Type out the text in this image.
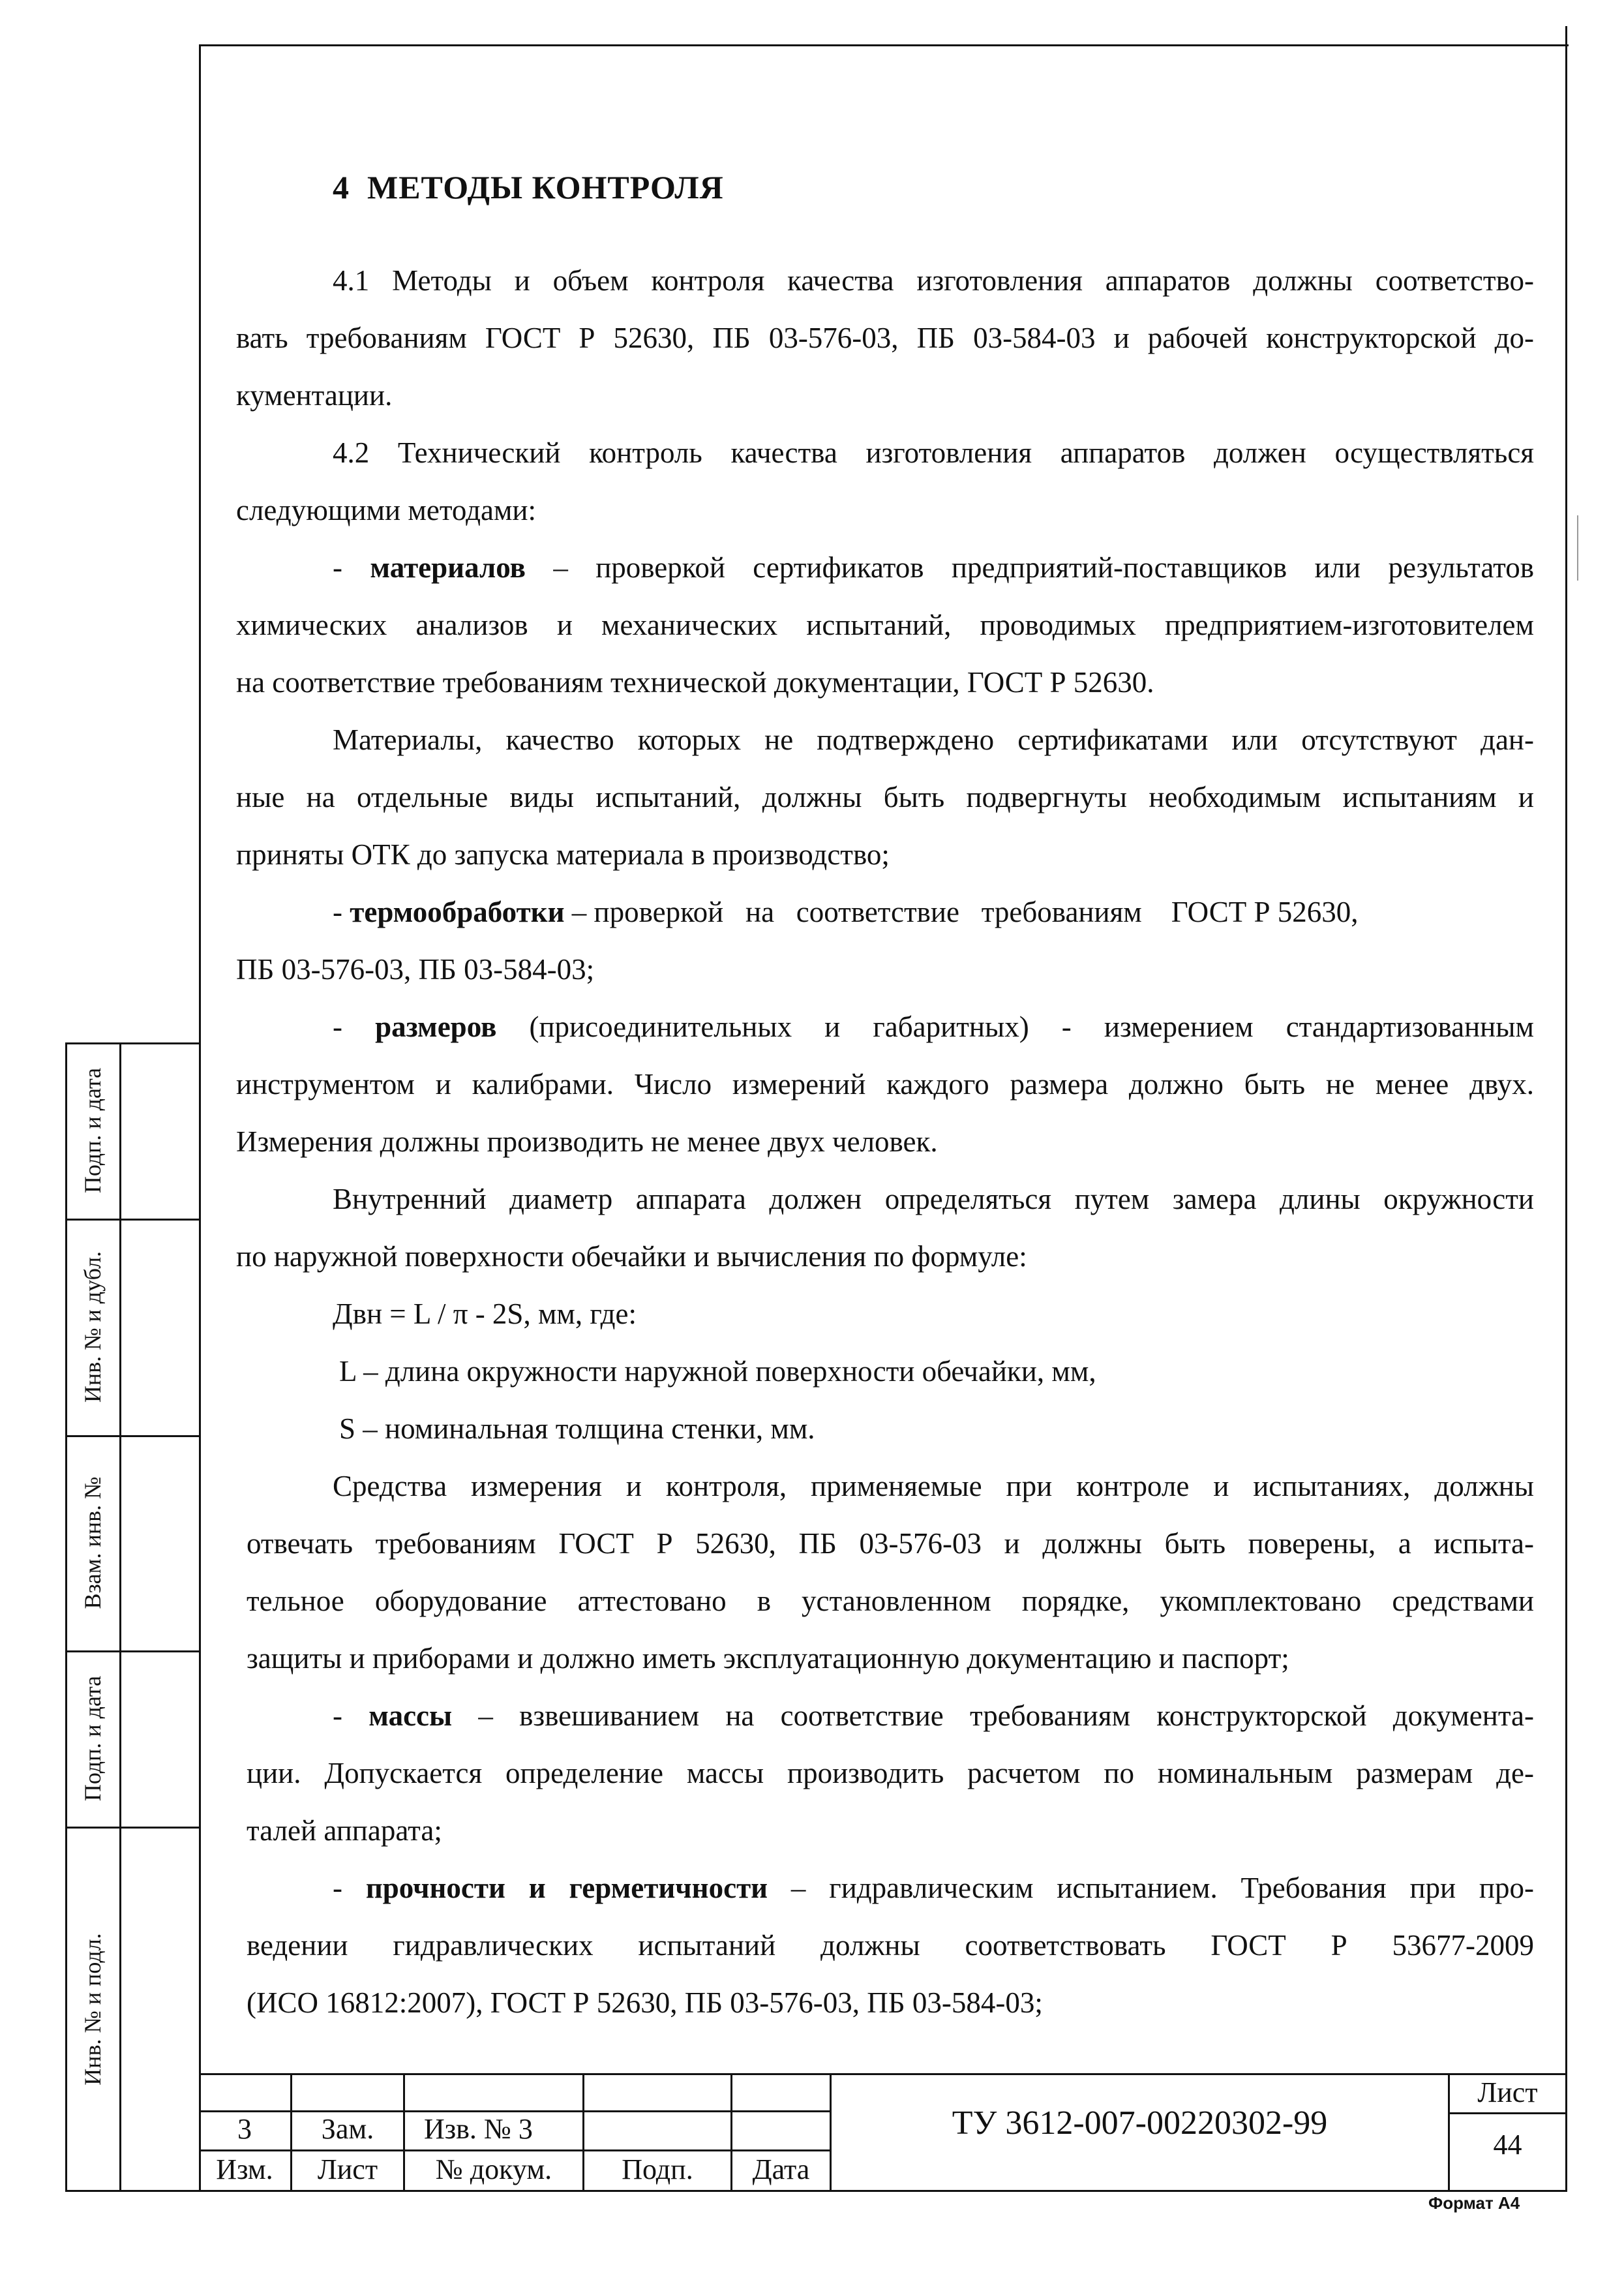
Подп. и дата
Инв. № и дубл.
Взам. инв. №
Подп. и дата
Инв. № и подл.
4 МЕТОДЫ КОНТРОЛЯ
4.1 Методы и объем контроля качества изготовления аппаратов должны соответство-
вать требованиям ГОСТ Р 52630, ПБ 03-576-03, ПБ 03-584-03 и рабочей конструкторской до-
кументации.
4.2 Технический контроль качества изготовления аппаратов должен осуществляться
следующими методами:
- материалов – проверкой сертификатов предприятий-поставщиков или результатов
химических анализов и механических испытаний, проводимых предприятием-изготовителем
на соответствие требованиям технической документации, ГОСТ Р 52630.
Материалы, качество которых не подтверждено сертификатами или отсутствуют дан-
ные на отдельные виды испытаний, должны быть подвергнуты необходимым испытаниям и
приняты ОТК до запуска материала в производство;
- термообработки – проверкой   на   соответствие   требованиям    ГОСТ Р 52630,
ПБ 03-576-03, ПБ 03-584-03;
- размеров (присоединительных и габаритных) - измерением стандартизованным
инструментом и калибрами. Число измерений каждого размера должно быть не менее двух.
Измерения должны производить не менее двух человек.
Внутренний диаметр аппарата должен определяться путем замера длины окружности
по наружной поверхности обечайки и вычисления по формуле:
Двн = L / π - 2S, мм, где:
L – длина окружности наружной поверхности обечайки, мм,
S – номинальная толщина стенки, мм.
Средства измерения и контроля, применяемые при контроле и испытаниях, должны
отвечать требованиям ГОСТ Р 52630, ПБ 03-576-03 и должны быть поверены, а испыта-
тельное оборудование аттестовано в установленном порядке, укомплектовано средствами
защиты и приборами и должно иметь эксплуатационную документацию и паспорт;
- массы – взвешиванием на соответствие требованиям конструкторской документа-
ции. Допускается определение массы производить расчетом по номинальным размерам де-
талей аппарата;
- прочности и герметичности – гидравлическим испытанием. Требования при про-
ведении гидравлических испытаний должны соответствовать ГОСТ Р 53677-2009
(ИСО 16812:2007), ГОСТ Р 52630, ПБ 03-576-03, ПБ 03-584-03;
3	Зам.	Изв. № 3
Изм.	Лист	№ докум.	Подп.	Дата
ТУ 3612-007-00220302-99
Лист
44
Формат А4
